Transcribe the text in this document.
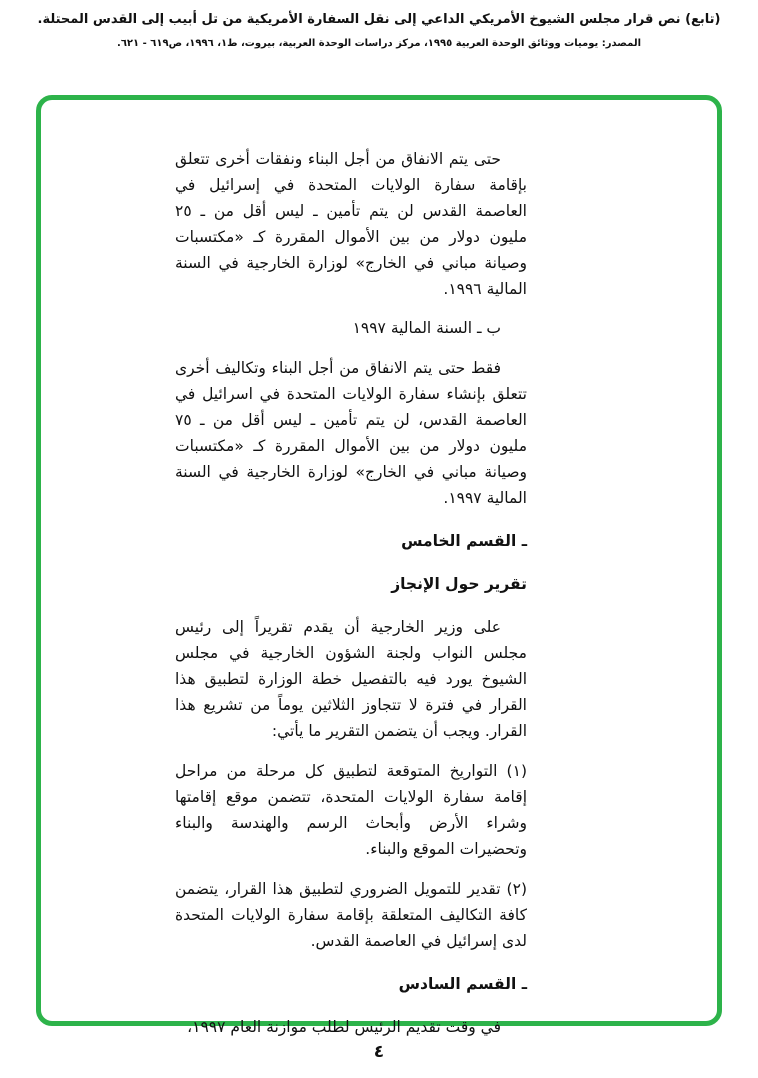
(تابع) نص قرار مجلس الشيوخ الأمريكي الداعي إلى نقل السفارة الأمريكية من تل أبيب إلى القدس المحتلة.
المصدر: يوميات ووثائق الوحدة العربية ١٩٩٥، مركز دراسات الوحدة العربية، بيروت، ط١، ١٩٩٦، ص٦١٩ - ٦٢١.

حتى يتم الانفاق من أجل البناء ونفقات أخرى تتعلق بإقامة سفارة الولايات المتحدة في إسرائيل في العاصمة القدس لن يتم تأمين ـ ليس أقل من ـ ٢٥ مليون دولار من بين الأموال المقررة كـ «مكتسبات وصيانة مباني في الخارج» لوزارة الخارجية في السنة المالية ١٩٩٦.

ب ـ السنة المالية ١٩٩٧

فقط حتى يتم الانفاق من أجل البناء وتكاليف أخرى تتعلق بإنشاء سفارة الولايات المتحدة في اسرائيل في العاصمة القدس، لن يتم تأمين ـ ليس أقل من ـ ٧٥ مليون دولار من بين الأموال المقررة كـ «مكتسبات وصيانة مباني في الخارج» لوزارة الخارجية في السنة المالية ١٩٩٧.

ـ القسم الخامس

تقرير حول الإنجاز

على وزير الخارجية أن يقدم تقريراً إلى رئيس مجلس النواب ولجنة الشؤون الخارجية في مجلس الشيوخ يورد فيه بالتفصيل خطة الوزارة لتطبيق هذا القرار في فترة لا تتجاوز الثلاثين يوماً من تشريع هذا القرار. ويجب أن يتضمن التقرير ما يأتي:

(١) التواريخ المتوقعة لتطبيق كل مرحلة من مراحل إقامة سفارة الولايات المتحدة، تتضمن موقع إقامتها وشراء الأرض وأبحاث الرسم والهندسة والبناء وتحضيرات الموقع والبناء.

(٢) تقدير للتمويل الضروري لتطبيق هذا القرار، يتضمن كافة التكاليف المتعلقة بإقامة سفارة الولايات المتحدة لدى إسرائيل في العاصمة القدس.

ـ القسم السادس

في وقت تقديم الرئيس لطلب موازنة العام ١٩٩٧،

٤
